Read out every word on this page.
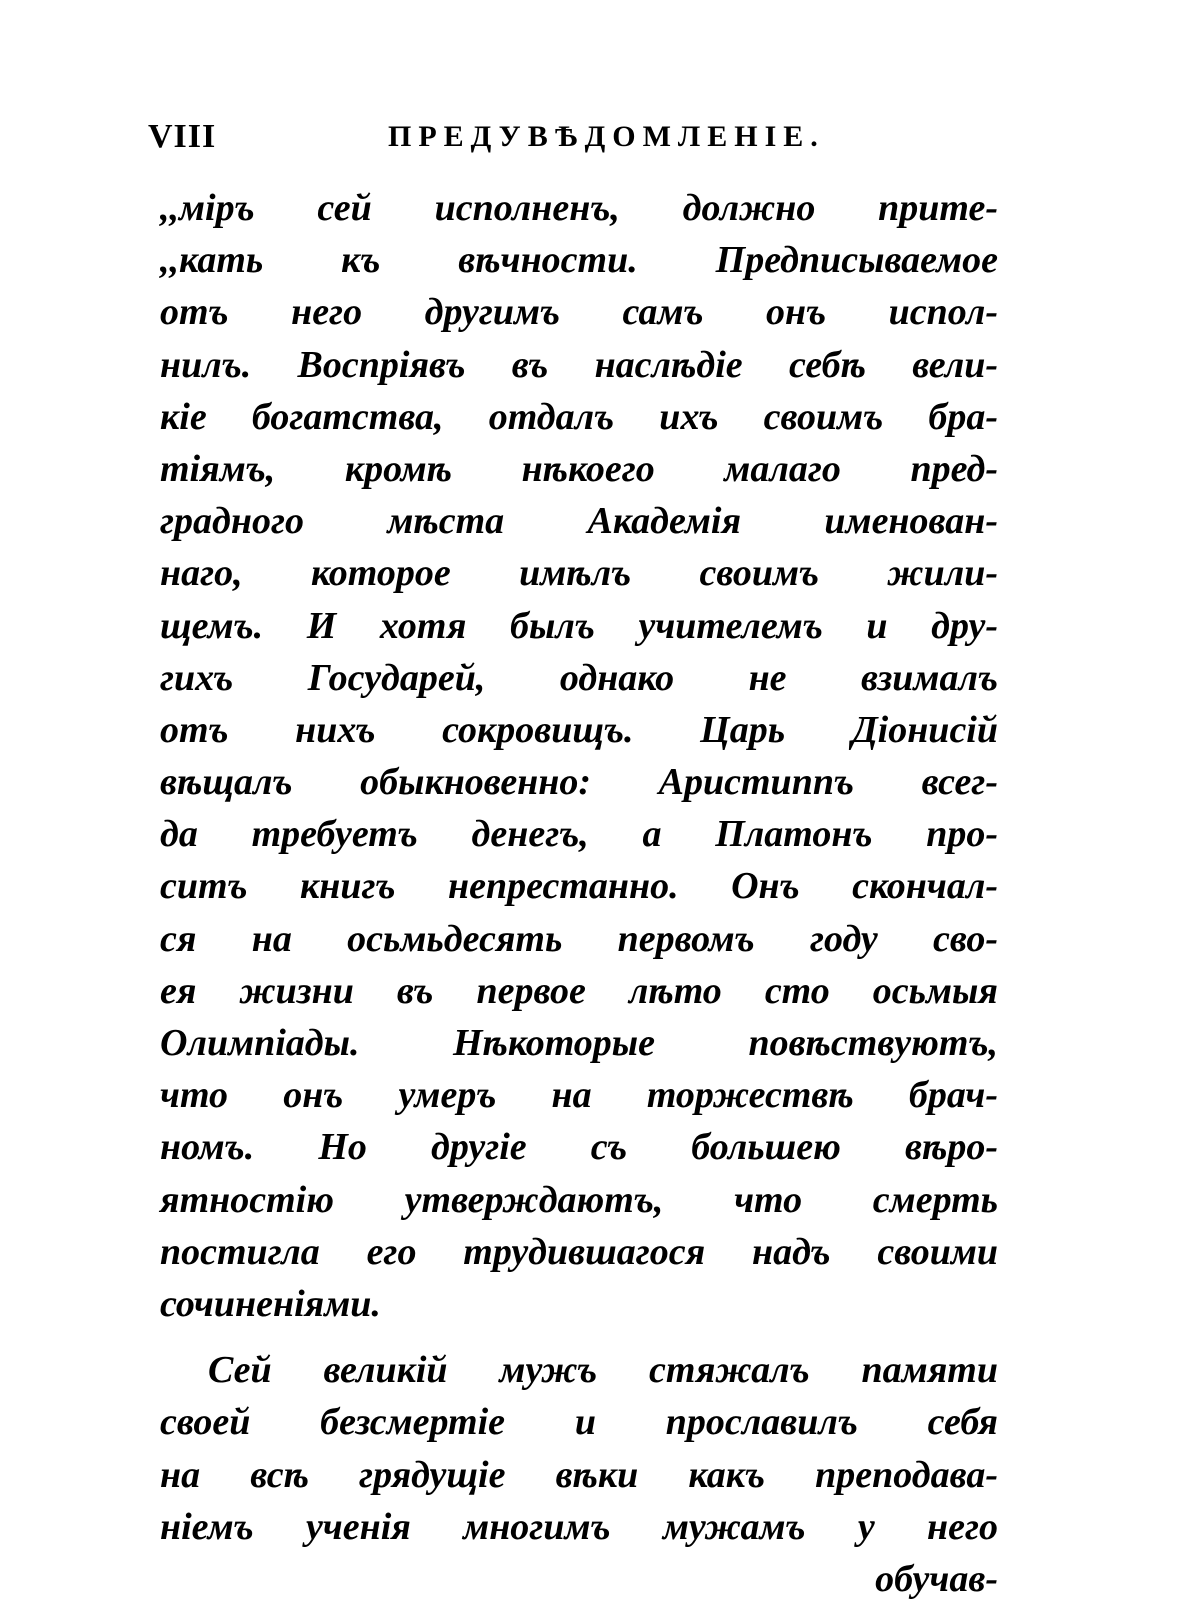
VIII	ПРЕДУВѢДОМЛЕНІЕ.
,,мiръ сей исполненъ, должно прите-
,,кать къ вѣчности. Предписываемое
отъ него другимъ самъ онъ испол-
нилъ. Воспріявъ въ наслѣдіе себѣ вели-
кіе богатства, отдалъ ихъ своимъ бра-
тіямъ, кромѣ нѣкоего малаго пред-
градного мѣста Академія именован-
наго, которое имѣлъ своимъ жили-
щемъ. И хотя былъ учителемъ и дру-
гихъ Государей, однако не взималъ
отъ нихъ сокровищъ. Царь Діонисій
вѣщалъ обыкновенно: Аристиппъ всег-
да требуетъ денегъ, а Платонъ про-
ситъ книгъ непрестанно. Онъ скончал-
ся на осьмьдесять первомъ году сво-
ея жизни въ первое лѣто сто осьмыя
Олимпіады. Нѣкоторые повѣствуютъ,
что онъ умеръ на торжествѣ брач-
номъ. Но другіе съ большею вѣро-
ятностію утверждаютъ, что смерть
постигла его трудившагося надъ своими
сочиненіями.
Сей великій мужъ стяжалъ памяти
своей безсмертіе и прославилъ себя
на всѣ грядущіе вѣки какъ преподава-
ніемъ ученія многимъ мужамъ у него
обучав-
